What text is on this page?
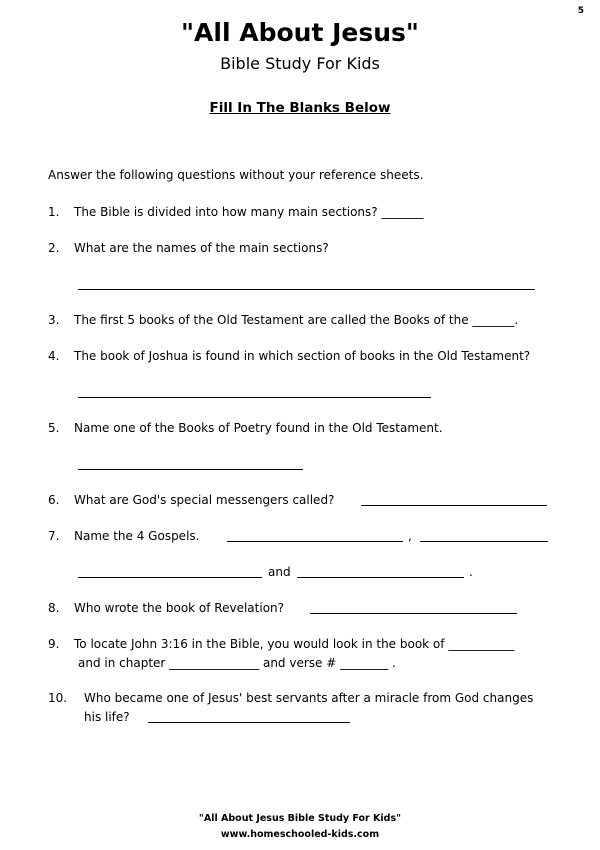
5
"All About Jesus"
Bible Study For Kids
Fill In The Blanks Below
Answer the following questions without your reference sheets.
1. The Bible is divided into how many main sections? _______
2. What are the names of the main sections?
3. The first 5 books of the Old Testament are called the Books of the _______.
4. The book of Joshua is found in which section of books in the Old Testament?
5. Name one of the Books of Poetry found in the Old Testament.
6. What are God's special messengers called?
7. Name the 4 Gospels.	,
and	.
8. Who wrote the book of Revelation?
9. To locate John 3:16 in the Bible, you would look in the book of ___________
and in chapter _______________ and verse # ________ .
10. Who became one of Jesus' best servants after a miracle from God changes
his life?
"All About Jesus Bible Study For Kids"
www.homeschooled-kids.com
